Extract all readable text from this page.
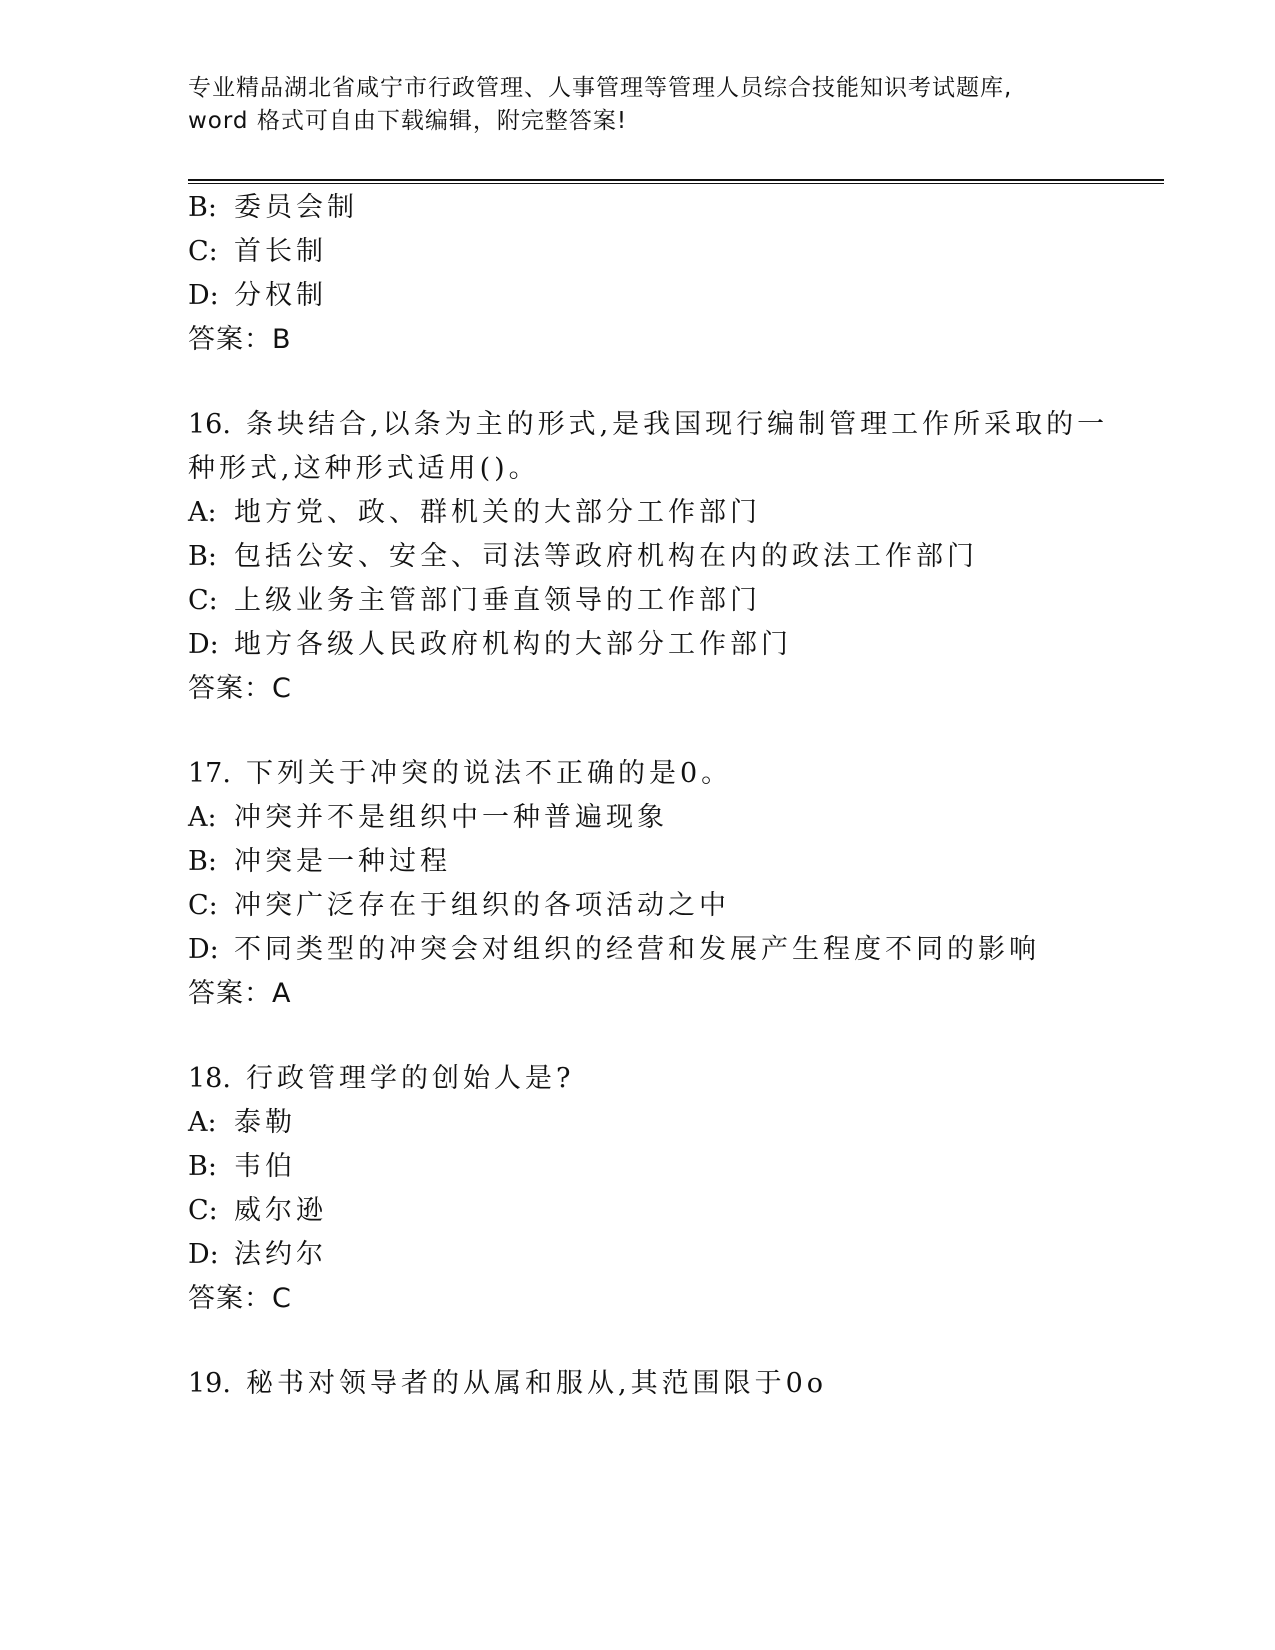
专业精品湖北省咸宁市行政管理、人事管理等管理人员综合技能知识考试题库,
word 格式可自由下载编辑，附完整答案!
B: 委员会制
C: 首长制
D: 分权制
答案：B
16. 条块结合,以条为主的形式,是我国现行编制管理工作所采取的一
种形式,这种形式适用()。
A: 地方党、政、群机关的大部分工作部门
B: 包括公安、安全、司法等政府机构在内的政法工作部门
C: 上级业务主管部门垂直领导的工作部门
D: 地方各级人民政府机构的大部分工作部门
答案：C
17. 下列关于冲突的说法不正确的是0。
A: 冲突并不是组织中一种普遍现象
B: 冲突是一种过程
C: 冲突广泛存在于组织的各项活动之中
D: 不同类型的冲突会对组织的经营和发展产生程度不同的影响
答案：A
18. 行政管理学的创始人是?
A: 泰勒
B: 韦伯
C: 威尔逊
D: 法约尔
答案：C
19. 秘书对领导者的从属和服从,其范围限于0o
